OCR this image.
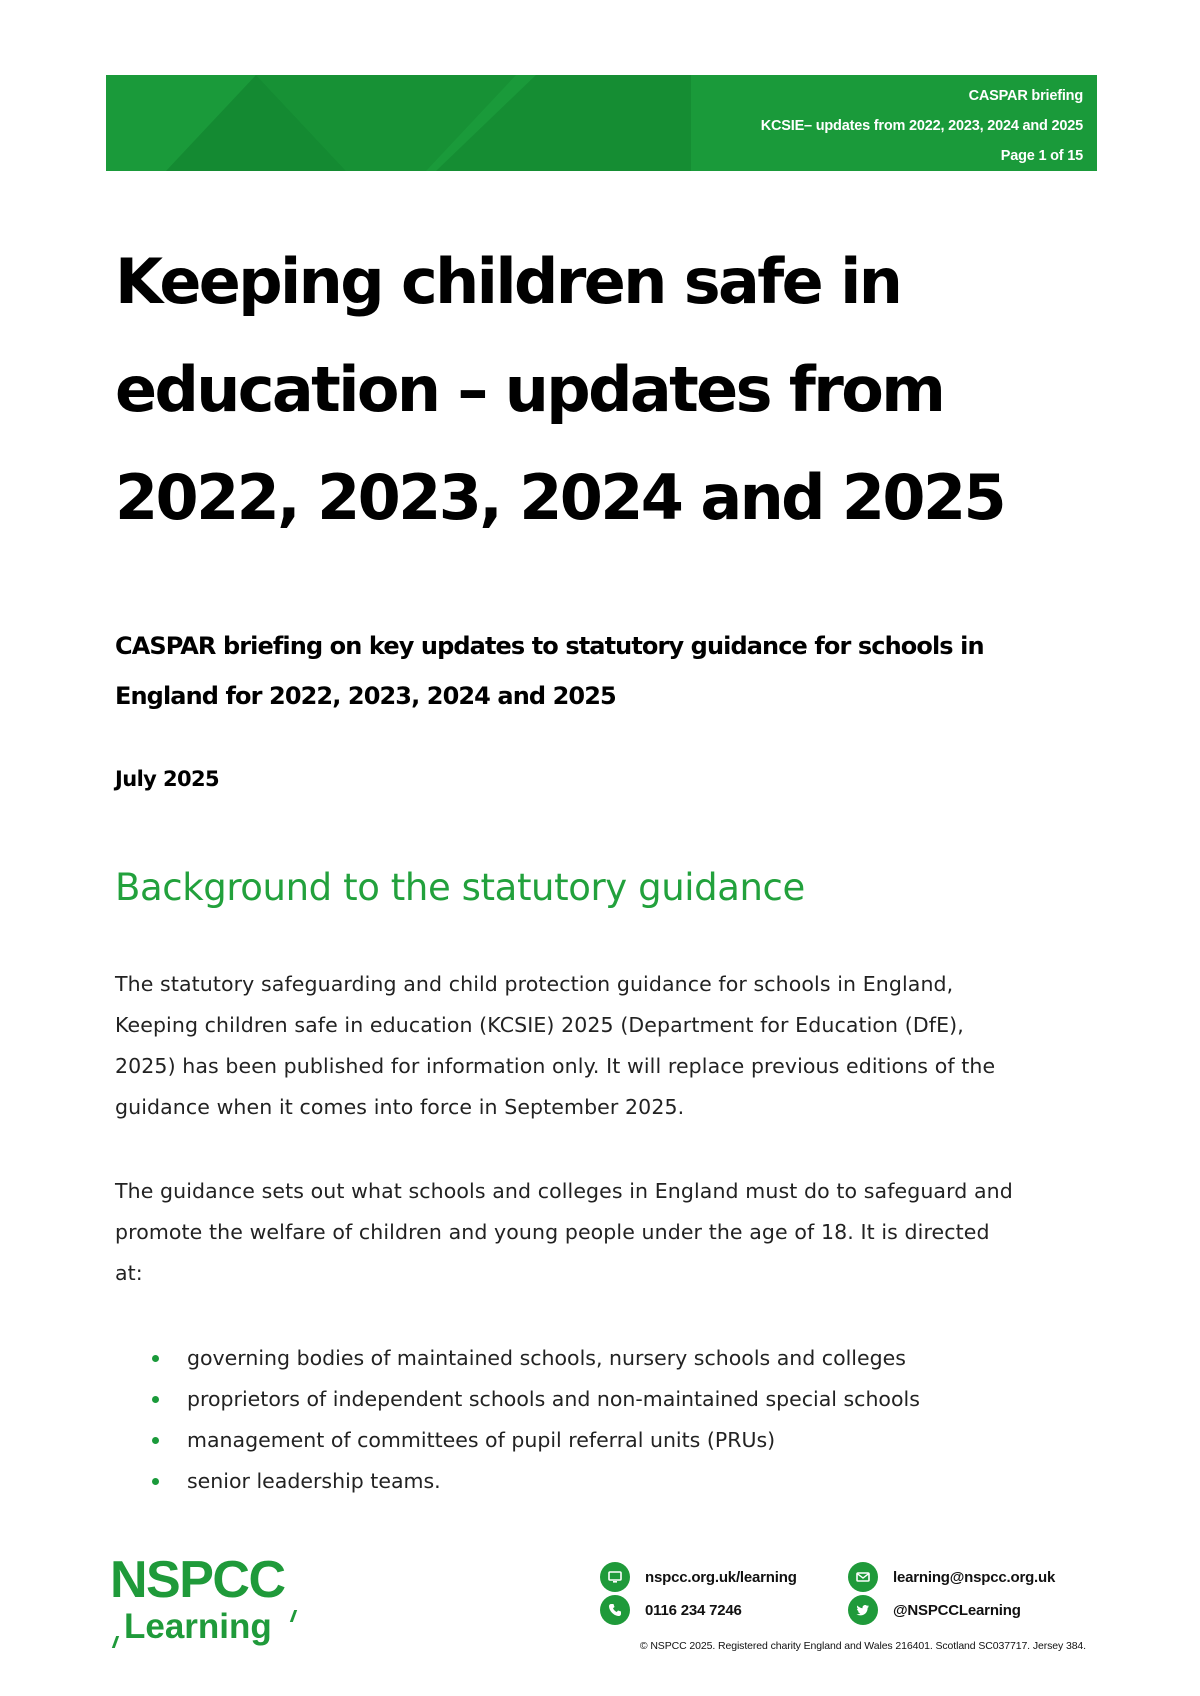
CASPAR briefing
KCSIE– updates from 2022, 2023, 2024 and 2025
Page 1 of 15
Keeping children safe in
education – updates from
2022, 2023, 2024 and 2025
CASPAR briefing on key updates to statutory guidance for schools in
England for 2022, 2023, 2024 and 2025

July 2025

Background to the statutory guidance
The statutory safeguarding and child protection guidance for schools in England,
Keeping children safe in education (KCSIE) 2025 (Department for Education (DfE),
2025) has been published for information only. It will replace previous editions of the
guidance when it comes into force in September 2025.
The guidance sets out what schools and colleges in England must do to safeguard and
promote the welfare of children and young people under the age of 18. It is directed
at:
governing bodies of maintained schools, nursery schools and colleges
proprietors of independent schools and non-maintained special schools
management of committees of pupil referral units (PRUs)
senior leadership teams.
NSPCC
Learning
nspcc.org.uk/learning
0116 234 7246
learning@nspcc.org.uk
@NSPCCLearning
© NSPCC 2025. Registered charity England and Wales 216401. Scotland SC037717. Jersey 384.
